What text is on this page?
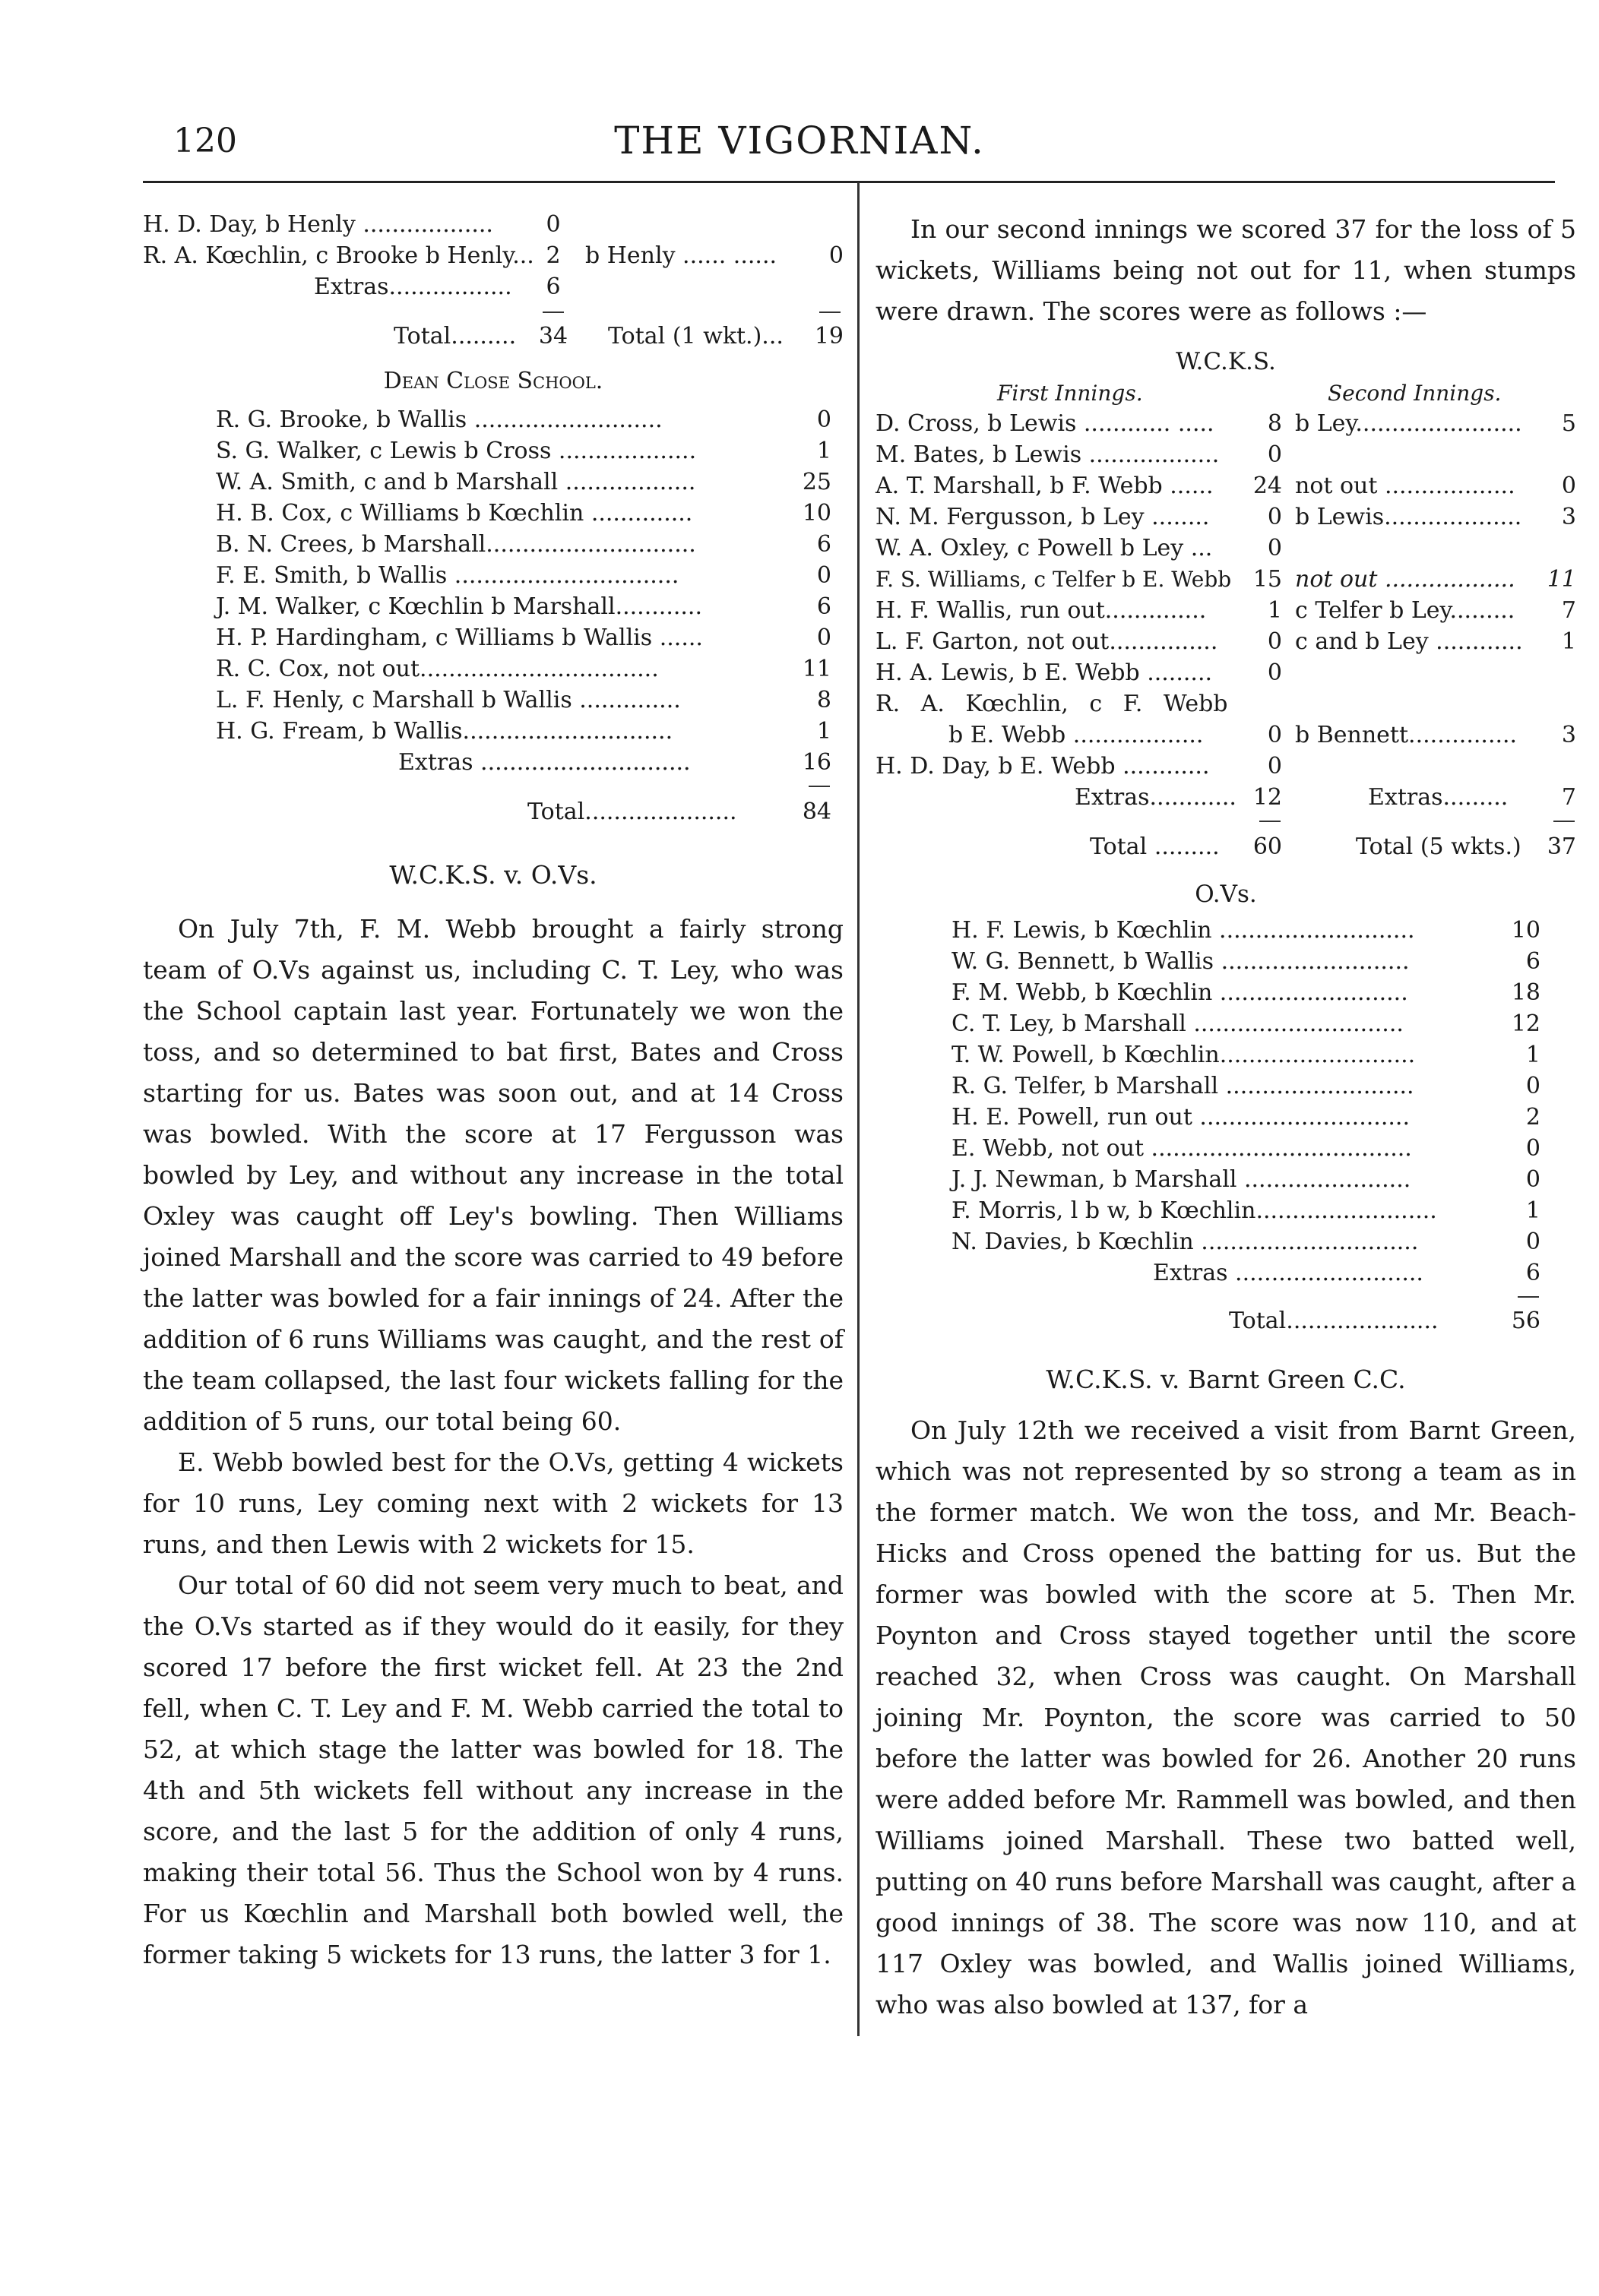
120	THE VIGORNIAN.
H. D. Day, b Henly ..................	0
R. A. Kœchlin, c Brooke b Henly... 2	b Henly ...... ......	0
Extras.................	6
Total......... 34 Total (1 wkt.)...	19
Dean Close School.
R. G. Brooke, b Wallis ..........................	0
S. G. Walker, c Lewis b Cross ...................	1
W. A. Smith, c and b Marshall ..................	25
H. B. Cox, c Williams b Kœchlin ..............	10
B. N. Crees, b Marshall.............................	6
F. E. Smith, b Wallis ...............................	0
J. M. Walker, c Kœchlin b Marshall............	6
H. P. Hardingham, c Williams b Wallis ......	0
R. C. Cox, not out.................................	11
L. F. Henly, c Marshall b Wallis ..............	8
H. G. Fream, b Wallis.............................	1
Extras .............................	16
Total.....................	84
W.C.K.S. v. O.Vs.

On July 7th, F. M. Webb brought a fairly strong team of O.Vs against us, including C. T. Ley, who was the School captain last year. Fortunately we won the toss, and so determined to bat first, Bates and Cross starting for us. Bates was soon out, and at 14 Cross was bowled. With the score at 17 Fergusson was bowled by Ley, and without any increase in the total Oxley was caught off Ley's bowling. Then Williams joined Marshall and the score was carried to 49 before the latter was bowled for a fair innings of 24. After the addition of 6 runs Williams was caught, and the rest of the team collapsed, the last four wickets falling for the addition of 5 runs, our total being 60.

E. Webb bowled best for the O.Vs, getting 4 wickets for 10 runs, Ley coming next with 2 wickets for 13 runs, and then Lewis with 2 wickets for 15.

Our total of 60 did not seem very much to beat, and the O.Vs started as if they would do it easily, for they scored 17 before the first wicket fell. At 23 the 2nd fell, when C. T. Ley and F. M. Webb carried the total to 52, at which stage the latter was bowled for 18. The 4th and 5th wickets fell without any increase in the score, and the last 5 for the addition of only 4 runs, making their total 56. Thus the School won by 4 runs. For us Kœchlin and Marshall both bowled well, the former taking 5 wickets for 13 runs, the latter 3 for 1.

In our second innings we scored 37 for the loss of 5 wickets, Williams being not out for 11, when stumps were drawn. The scores were as follows :—

W.C.K.S.
First Innings.	Second Innings.
D. Cross, b Lewis ............ .....	8 b Ley.......................	5
M. Bates, b Lewis ..................	0
A. T. Marshall, b F. Webb ......	24 not out ..................	0
N. M. Fergusson, b Ley ........	0 b Lewis...................	3
W. A. Oxley, c Powell b Ley ...	0
F. S. Williams, c Telfer b E. Webb 15 not out .................. 11
H. F. Wallis, run out..............	1 c Telfer b Ley.........	7
L. F. Garton, not out...............	0 c and b Ley ............	1
H. A. Lewis, b E. Webb .........	0
R. A. Kœchlin, c F. Webb
b E. Webb ..................	0 b Bennett...............	3
H. D. Day, b E. Webb ............	0
Extras............ 12	Extras.........	7
Total .........	60	Total (5 wkts.) 37
O.Vs.
H. F. Lewis, b Kœchlin ...........................	10
W. G. Bennett, b Wallis ..........................	6
F. M. Webb, b Kœchlin ..........................	18
C. T. Ley, b Marshall .............................	12
T. W. Powell, b Kœchlin...........................	1
R. G. Telfer, b Marshall ..........................	0
H. E. Powell, run out .............................	2
E. Webb, not out ....................................	0
J. J. Newman, b Marshall .......................	0
F. Morris, l b w, b Kœchlin.........................	1
N. Davies, b Kœchlin ..............................	0
Extras ..........................	6
Total.....................	56
W.C.K.S. v. Barnt Green C.C.

On July 12th we received a visit from Barnt Green, which was not represented by so strong a team as in the former match. We won the toss, and Mr. Beach-Hicks and Cross opened the batting for us. But the former was bowled with the score at 5. Then Mr. Poynton and Cross stayed together until the score reached 32, when Cross was caught. On Marshall joining Mr. Poynton, the score was carried to 50 before the latter was bowled for 26. Another 20 runs were added before Mr. Rammell was bowled, and then Williams joined Marshall. These two batted well, putting on 40 runs before Marshall was caught, after a good innings of 38. The score was now 110, and at 117 Oxley was bowled, and Wallis joined Williams, who was also bowled at 137, for a
